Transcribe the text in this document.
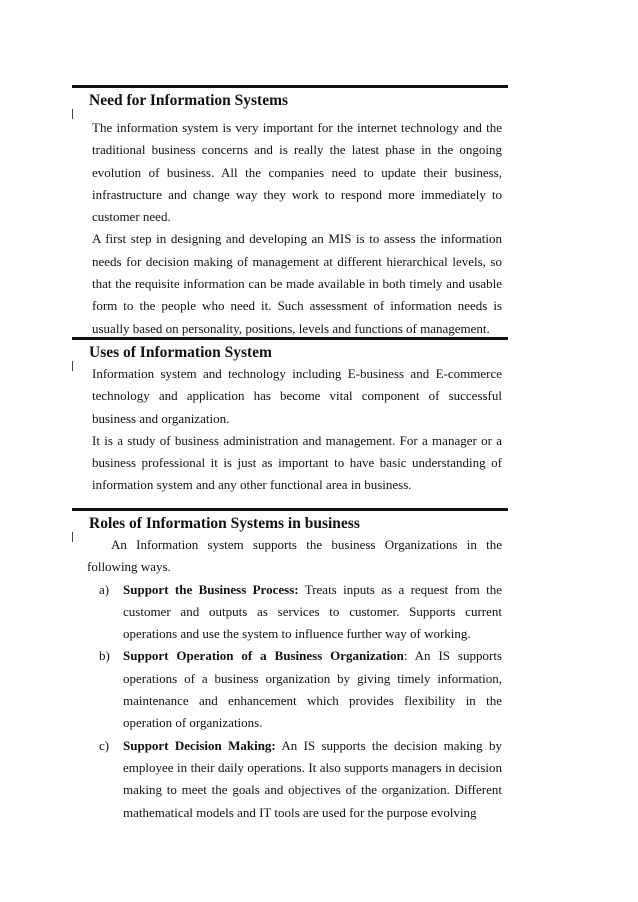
Need for Information Systems

The information system is very important for the internet technology and the traditional business concerns and is really the latest phase in the ongoing evolution of business. All the companies need to update their business, infrastructure and change way they work to respond more immediately to customer need.

A first step in designing and developing an MIS is to assess the information needs for decision making of management at different hierarchical levels, so that the requisite information can be made available in both timely and usable form to the people who need it. Such assessment of information needs is usually based on personality, positions, levels and functions of management.

Uses of Information System

Information system and technology including E-business and E-commerce technology and application has become vital component of successful business and organization.

It is a study of business administration and management. For a manager or a business professional it is just as important to have basic understanding of information system and any other functional area in business.

Roles of Information Systems in business

An Information system supports the business Organizations in the following ways.

a) Support the Business Process: Treats inputs as a request from the customer and outputs as services to customer. Supports current operations and use the system to influence further way of working.
b) Support Operation of a Business Organization: An IS supports operations of a business organization by giving timely information, maintenance and enhancement which provides flexibility in the operation of organizations.
c) Support Decision Making: An IS supports the decision making by employee in their daily operations. It also supports managers in decision making to meet the goals and objectives of the organization. Different mathematical models and IT tools are used for the purpose evolving
